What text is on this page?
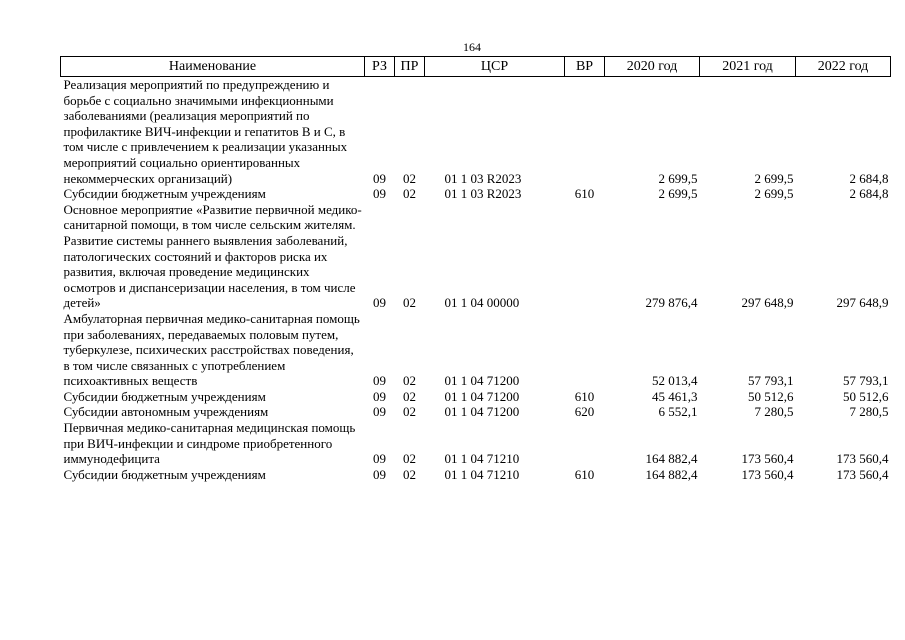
164
Наименование	РЗ	ПР	ЦСР	ВР	2020 год	2021 год	2022 год
Реализация мероприятий по предупреждению и борьбе с социально значимыми инфекционными заболеваниями (реализация мероприятий по профилактике ВИЧ-инфекции и гепатитов В и С, в том числе с привлечением к реализации указанных мероприятий социально ориентированных некоммерческих организаций)	09	02	01 1 03 R2023		2 699,5	2 699,5	2 684,8
Субсидии бюджетным учреждениям	09	02	01 1 03 R2023	610	2 699,5	2 699,5	2 684,8
Основное мероприятие «Развитие первичной медико-санитарной помощи, в том числе сельским жителям. Развитие системы раннего выявления заболеваний, патологических состояний и факторов риска их развития, включая проведение медицинских осмотров и диспансеризации населения, в том числе детей»	09	02	01 1 04 00000		279 876,4	297 648,9	297 648,9
Амбулаторная первичная медико-санитарная помощь при заболеваниях, передаваемых половым путем, туберкулезе, психических расстройствах поведения, в том числе связанных с употреблением психоактивных веществ	09	02	01 1 04 71200		52 013,4	57 793,1	57 793,1
Субсидии бюджетным учреждениям	09	02	01 1 04 71200	610	45 461,3	50 512,6	50 512,6
Субсидии автономным учреждениям	09	02	01 1 04 71200	620	6 552,1	7 280,5	7 280,5
Первичная медико-санитарная медицинская помощь при ВИЧ-инфекции и синдроме приобретенного иммунодефицита	09	02	01 1 04 71210		164 882,4	173 560,4	173 560,4
Субсидии бюджетным учреждениям	09	02	01 1 04 71210	610	164 882,4	173 560,4	173 560,4
